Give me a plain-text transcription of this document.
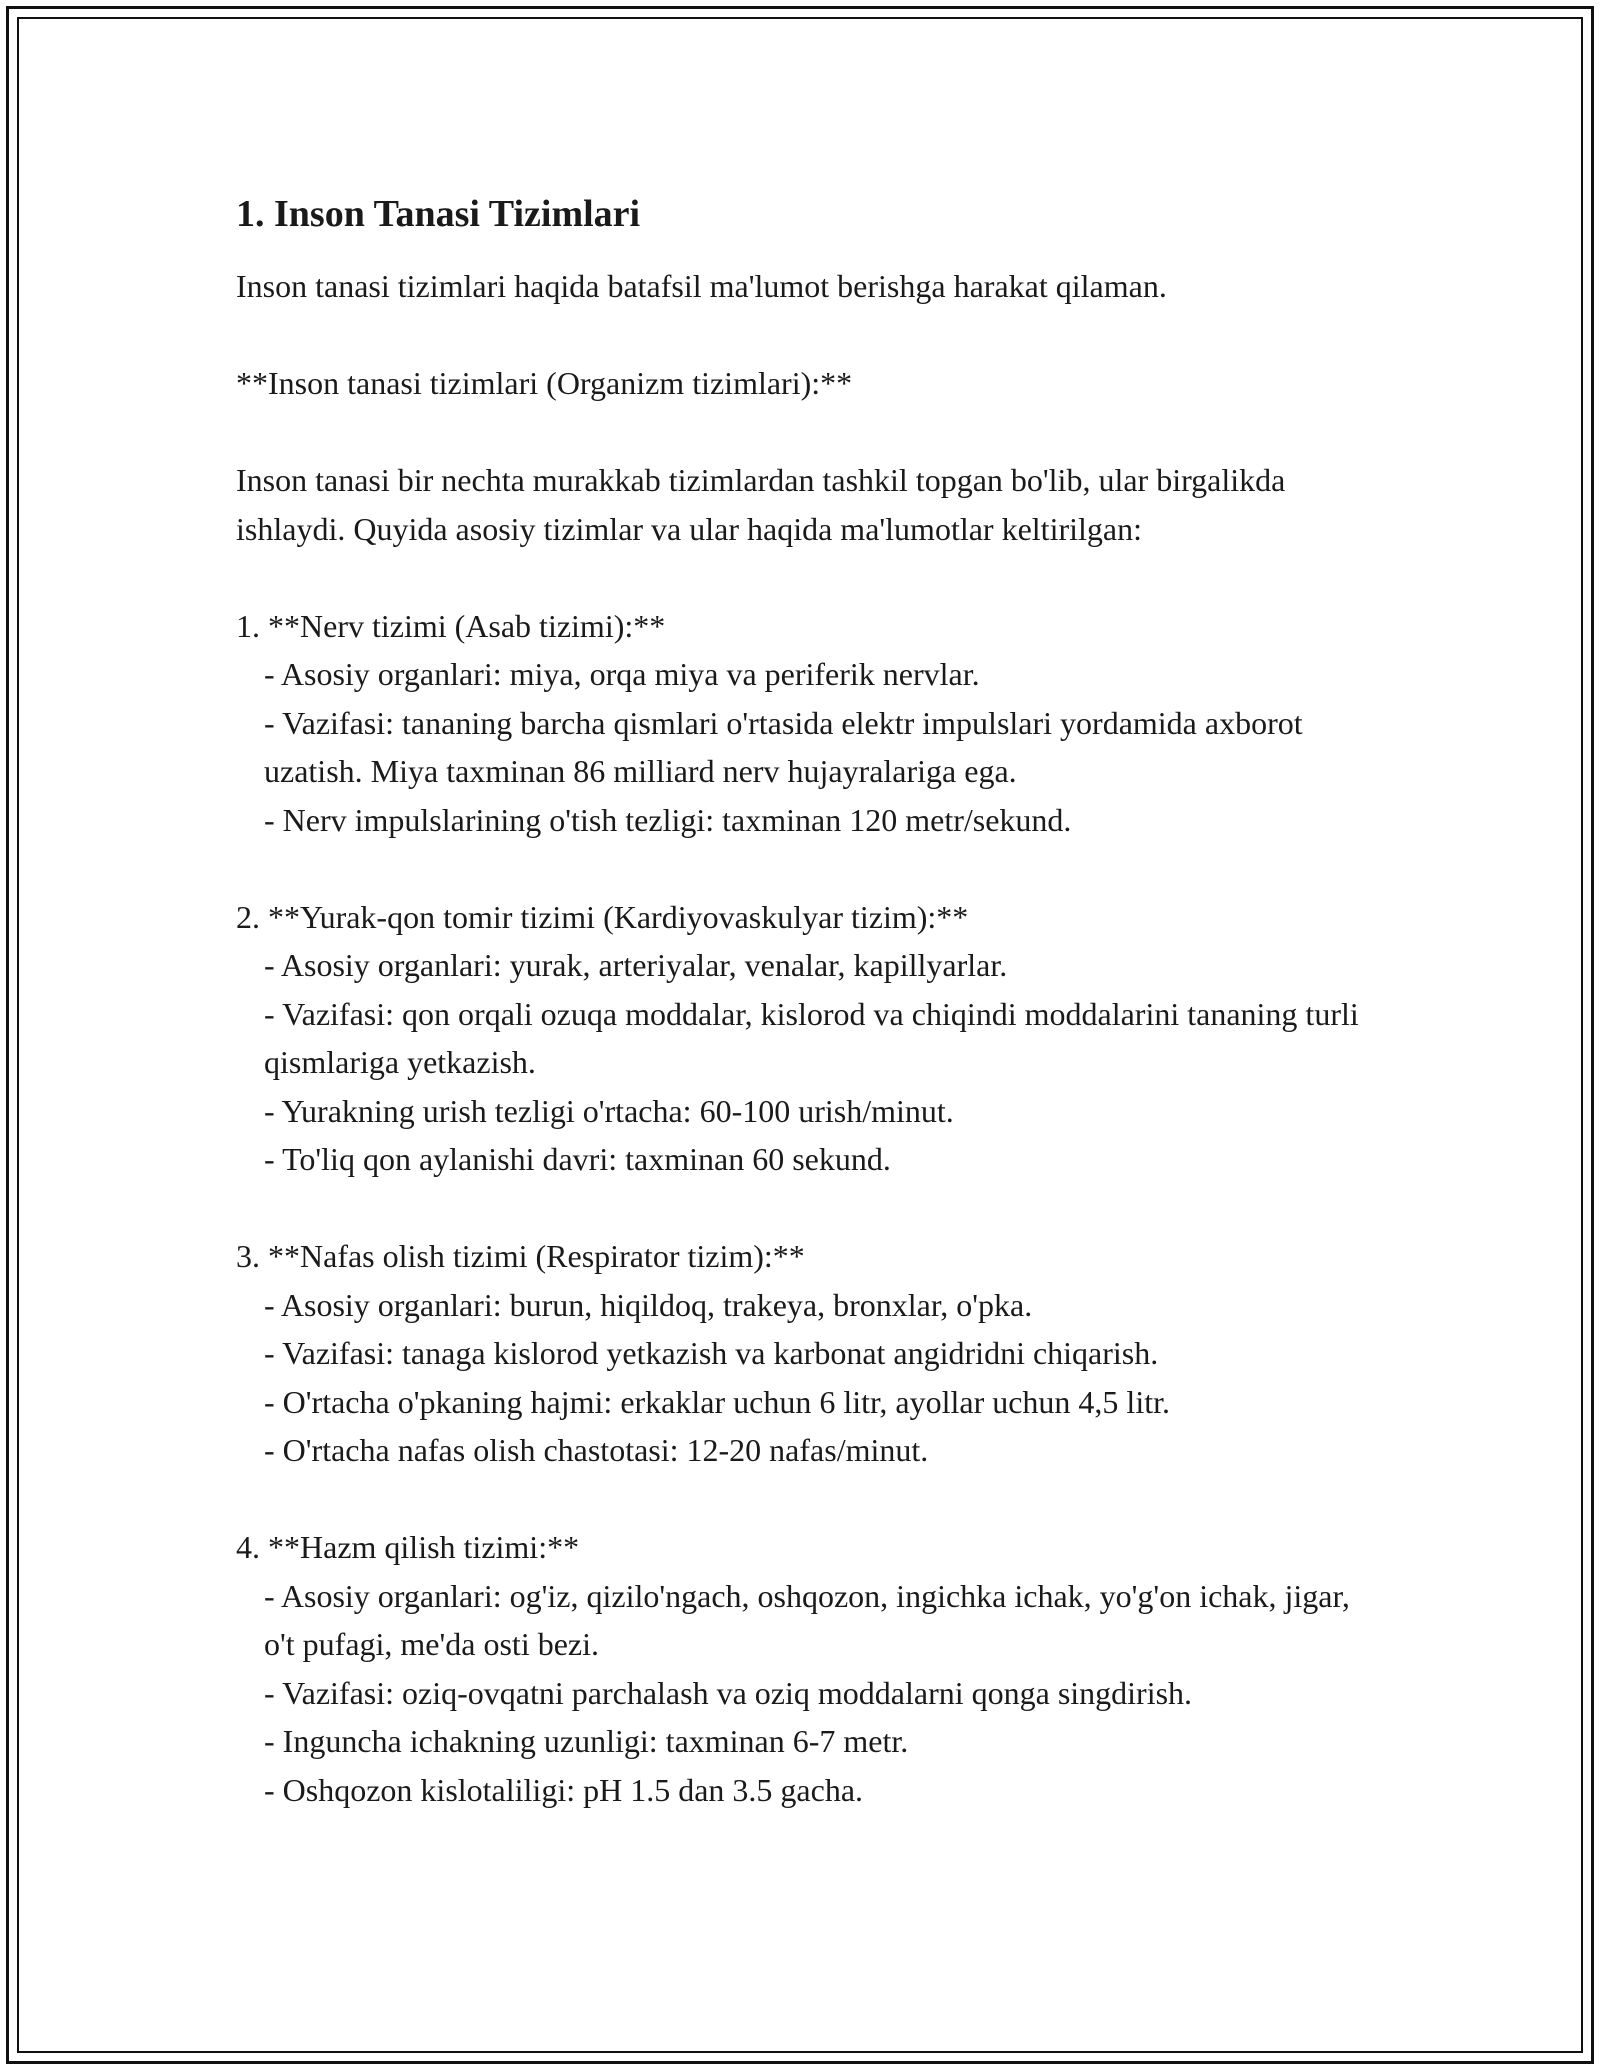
1. Inson Tanasi Tizimlari

Inson tanasi tizimlari haqida batafsil ma'lumot berishga harakat qilaman.

**Inson tanasi tizimlari (Organizm tizimlari):**

Inson tanasi bir nechta murakkab tizimlardan tashkil topgan bo'lib, ular birgalikda ishlaydi. Quyida asosiy tizimlar va ular haqida ma'lumotlar keltirilgan:

1. **Nerv tizimi (Asab tizimi):**

- Asosiy organlari: miya, orqa miya va periferik nervlar.

- Vazifasi: tananing barcha qismlari o'rtasida elektr impulslari yordamida axborot uzatish. Miya taxminan 86 milliard nerv hujayralariga ega.

- Nerv impulslarining o'tish tezligi: taxminan 120 metr/sekund.

2. **Yurak-qon tomir tizimi (Kardiyovaskulyar tizim):**

- Asosiy organlari: yurak, arteriyalar, venalar, kapillyarlar.

- Vazifasi: qon orqali ozuqa moddalar, kislorod va chiqindi moddalarini tananing turli qismlariga yetkazish.

- Yurakning urish tezligi o'rtacha: 60-100 urish/minut.

- To'liq qon aylanishi davri: taxminan 60 sekund.

3. **Nafas olish tizimi (Respirator tizim):**

- Asosiy organlari: burun, hiqildoq, trakeya, bronxlar, o'pka.

- Vazifasi: tanaga kislorod yetkazish va karbonat angidridni chiqarish.

- O'rtacha o'pkaning hajmi: erkaklar uchun 6 litr, ayollar uchun 4,5 litr.

- O'rtacha nafas olish chastotasi: 12-20 nafas/minut.

4. **Hazm qilish tizimi:**

- Asosiy organlari: og'iz, qizilo'ngach, oshqozon, ingichka ichak, yo'g'on ichak, jigar, o't pufagi, me'da osti bezi.

- Vazifasi: oziq-ovqatni parchalash va oziq moddalarni qonga singdirish.

- Inguncha ichakning uzunligi: taxminan 6-7 metr.

- Oshqozon kislotaliligi: pH 1.5 dan 3.5 gacha.
